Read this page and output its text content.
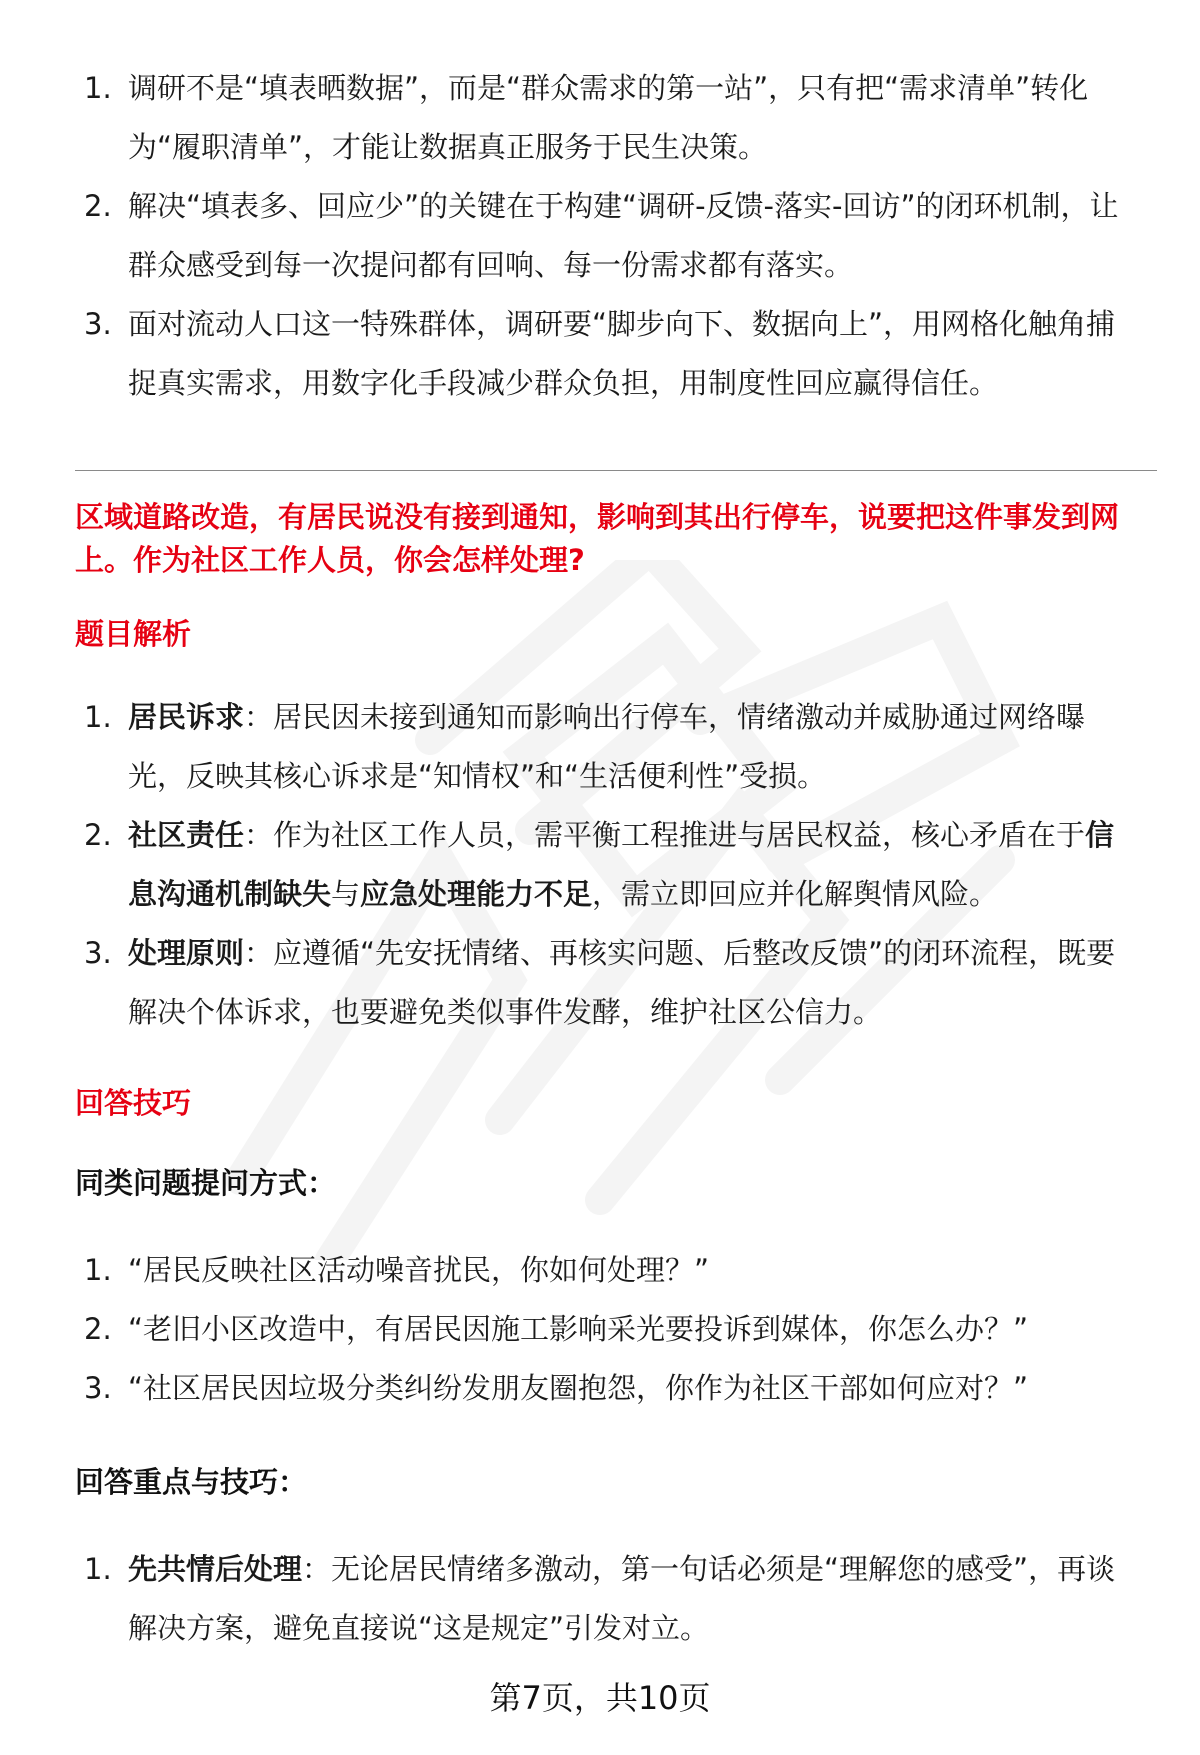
1. 调研不是“填表晒数据”，而是“群众需求的第一站”，只有把“需求清单”转化为“履职清单”，才能让数据真正服务于民生决策。
2. 解决“填表多、回应少”的关键在于构建“调研-反馈-落实-回访”的闭环机制，让群众感受到每一次提问都有回响、每一份需求都有落实。
3. 面对流动人口这一特殊群体，调研要“脚步向下、数据向上”，用网格化触角捕捉真实需求，用数字化手段减少群众负担，用制度性回应赢得信任。
区域道路改造，有居民说没有接到通知，影响到其出行停车，说要把这件事发到网上。作为社区工作人员，你会怎样处理?
题目解析
1. 居民诉求：居民因未接到通知而影响出行停车，情绪激动并威胁通过网络曝光，反映其核心诉求是“知情权”和“生活便利性”受损。
2. 社区责任：作为社区工作人员，需平衡工程推进与居民权益，核心矛盾在于信息沟通机制缺失与应急处理能力不足，需立即回应并化解舆情风险。
3. 处理原则：应遵循“先安抚情绪、再核实问题、后整改反馈”的闭环流程，既要解决个体诉求，也要避免类似事件发酵，维护社区公信力。
回答技巧
同类问题提问方式：
1. “居民反映社区活动噪音扰民，你如何处理？”
2. “老旧小区改造中，有居民因施工影响采光要投诉到媒体，你怎么办？”
3. “社区居民因垃圾分类纠纷发朋友圈抱怨，你作为社区干部如何应对？”
回答重点与技巧：
1. 先共情后处理：无论居民情绪多激动，第一句话必须是“理解您的感受”，再谈解决方案，避免直接说“这是规定”引发对立。
第7页，共10页
